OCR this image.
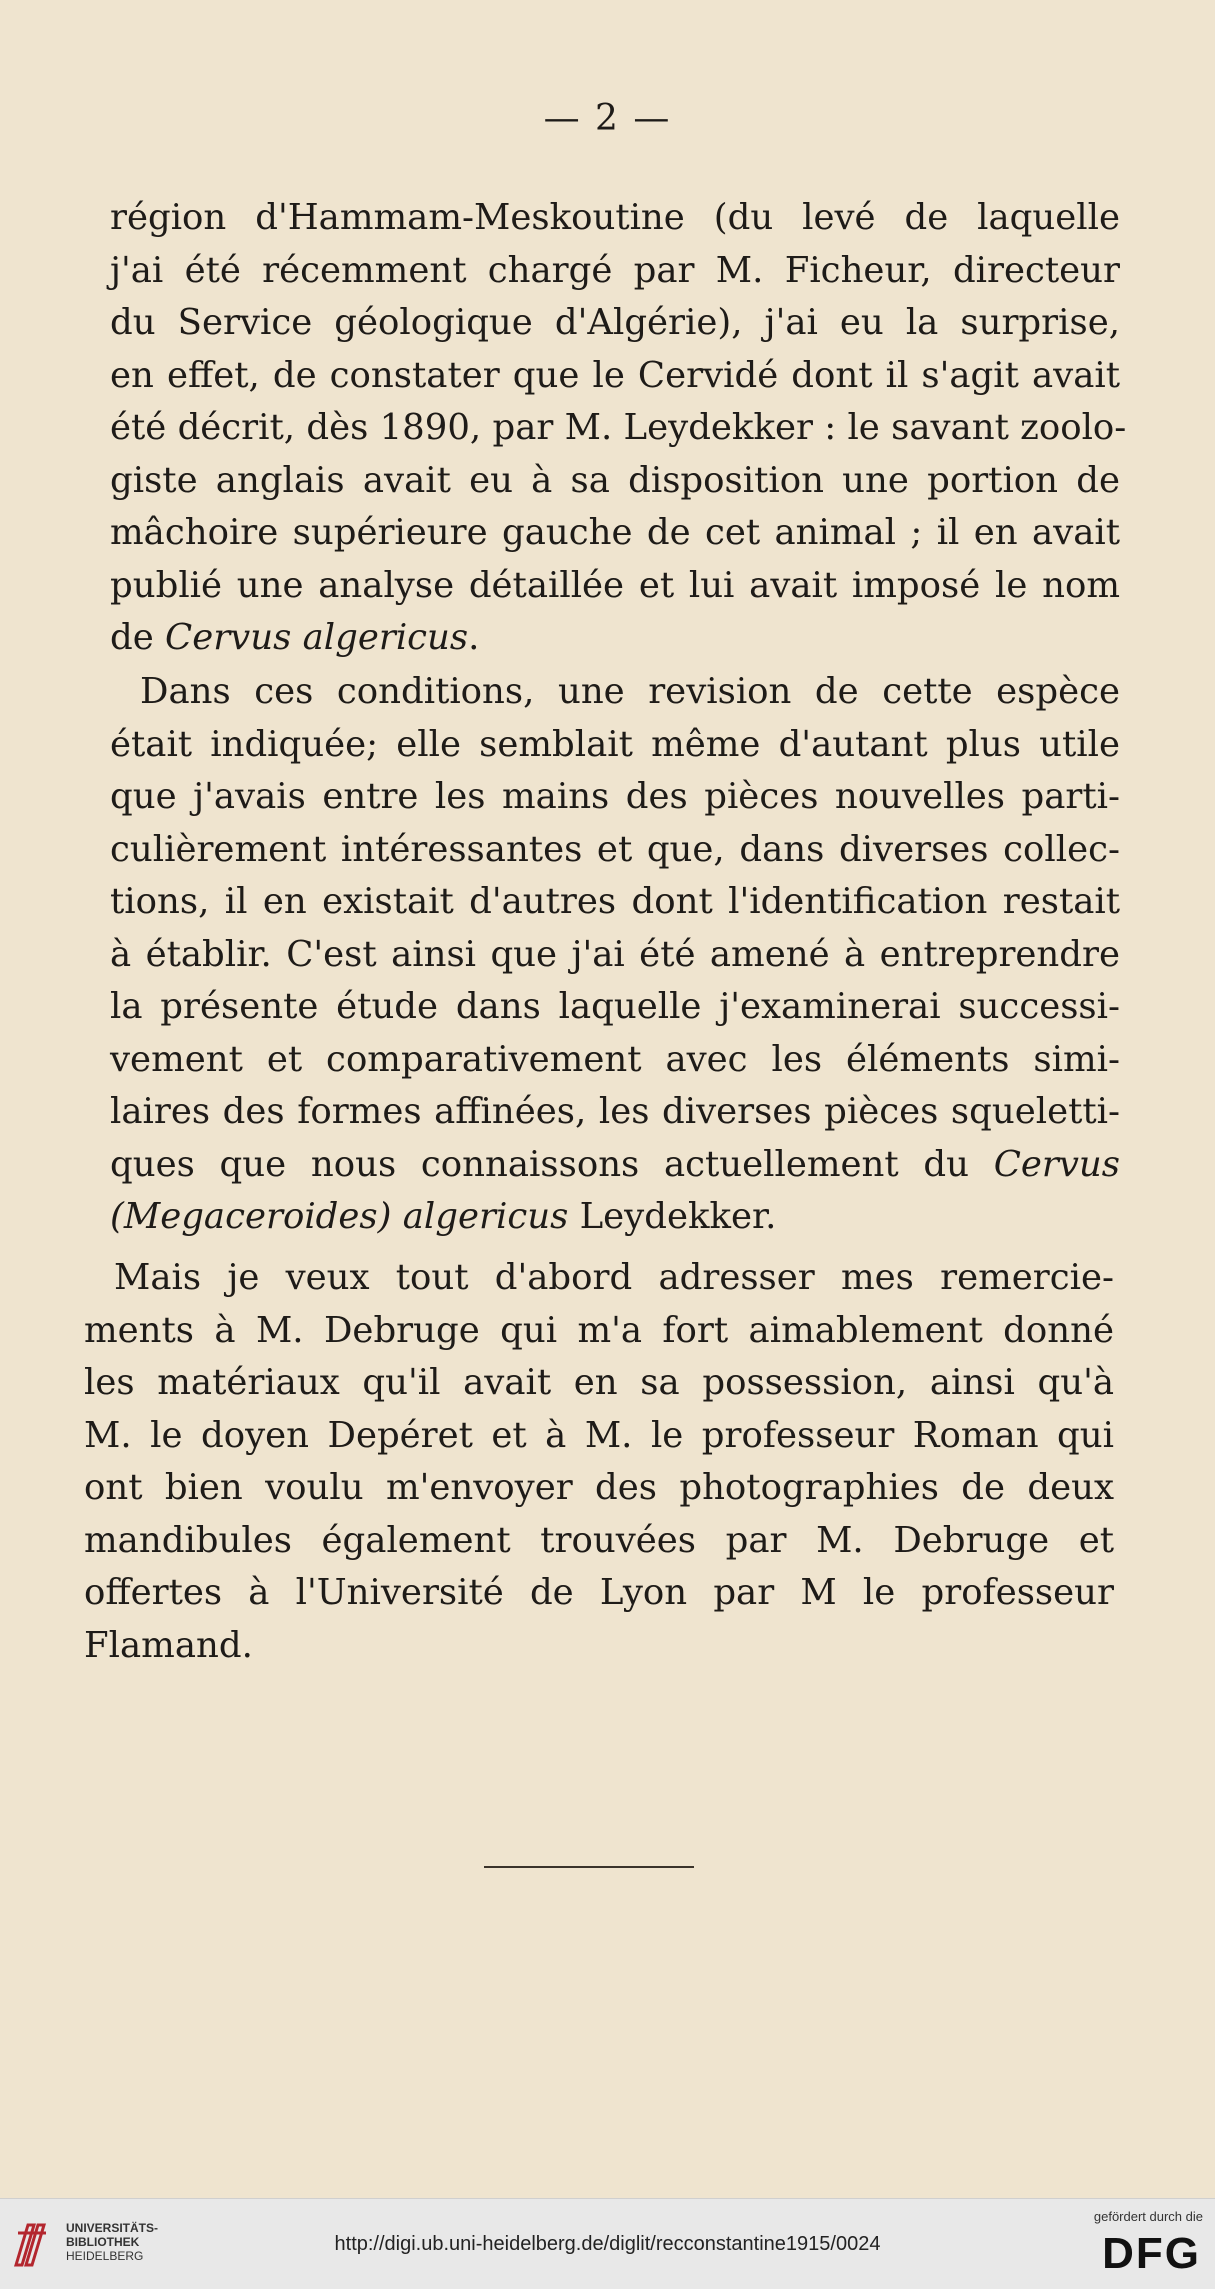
— 2 —
région d'Hammam-Meskoutine (du levé de laquelle
j'ai été récemment chargé par M. Ficheur, directeur
du Service géologique d'Algérie), j'ai eu la surprise,
en effet, de constater que le Cervidé dont il s'agit avait
été décrit, dès 1890, par M. Leydekker : le savant zoolo-
giste anglais avait eu à sa disposition une portion de
mâchoire supérieure gauche de cet animal ; il en avait
publié une analyse détaillée et lui avait imposé le nom
de Cervus algericus.
Dans ces conditions, une revision de cette espèce
était indiquée; elle semblait même d'autant plus utile
que j'avais entre les mains des pièces nouvelles parti-
culièrement intéressantes et que, dans diverses collec-
tions, il en existait d'autres dont l'identification restait
à établir. C'est ainsi que j'ai été amené à entreprendre
la présente étude dans laquelle j'examinerai successi-
vement et comparativement avec les éléments simi-
laires des formes affinées, les diverses pièces squeletti-
ques que nous connaissons actuellement du Cervus
(Megaceroides) algericus Leydekker.
Mais je veux tout d'abord adresser mes remercie-
ments à M. Debruge qui m'a fort aimablement donné
les matériaux qu'il avait en sa possession, ainsi qu'à
M. le doyen Depéret et à M. le professeur Roman qui
ont bien voulu m'envoyer des photographies de deux
mandibules également trouvées par M. Debruge et
offertes à l'Université de Lyon par M le professeur
Flamand.
UNIVERSITÄTS-
BIBLIOTHEK
HEIDELBERG
http://digi.ub.uni-heidelberg.de/diglit/recconstantine1915/0024
gefördert durch die
DFG
